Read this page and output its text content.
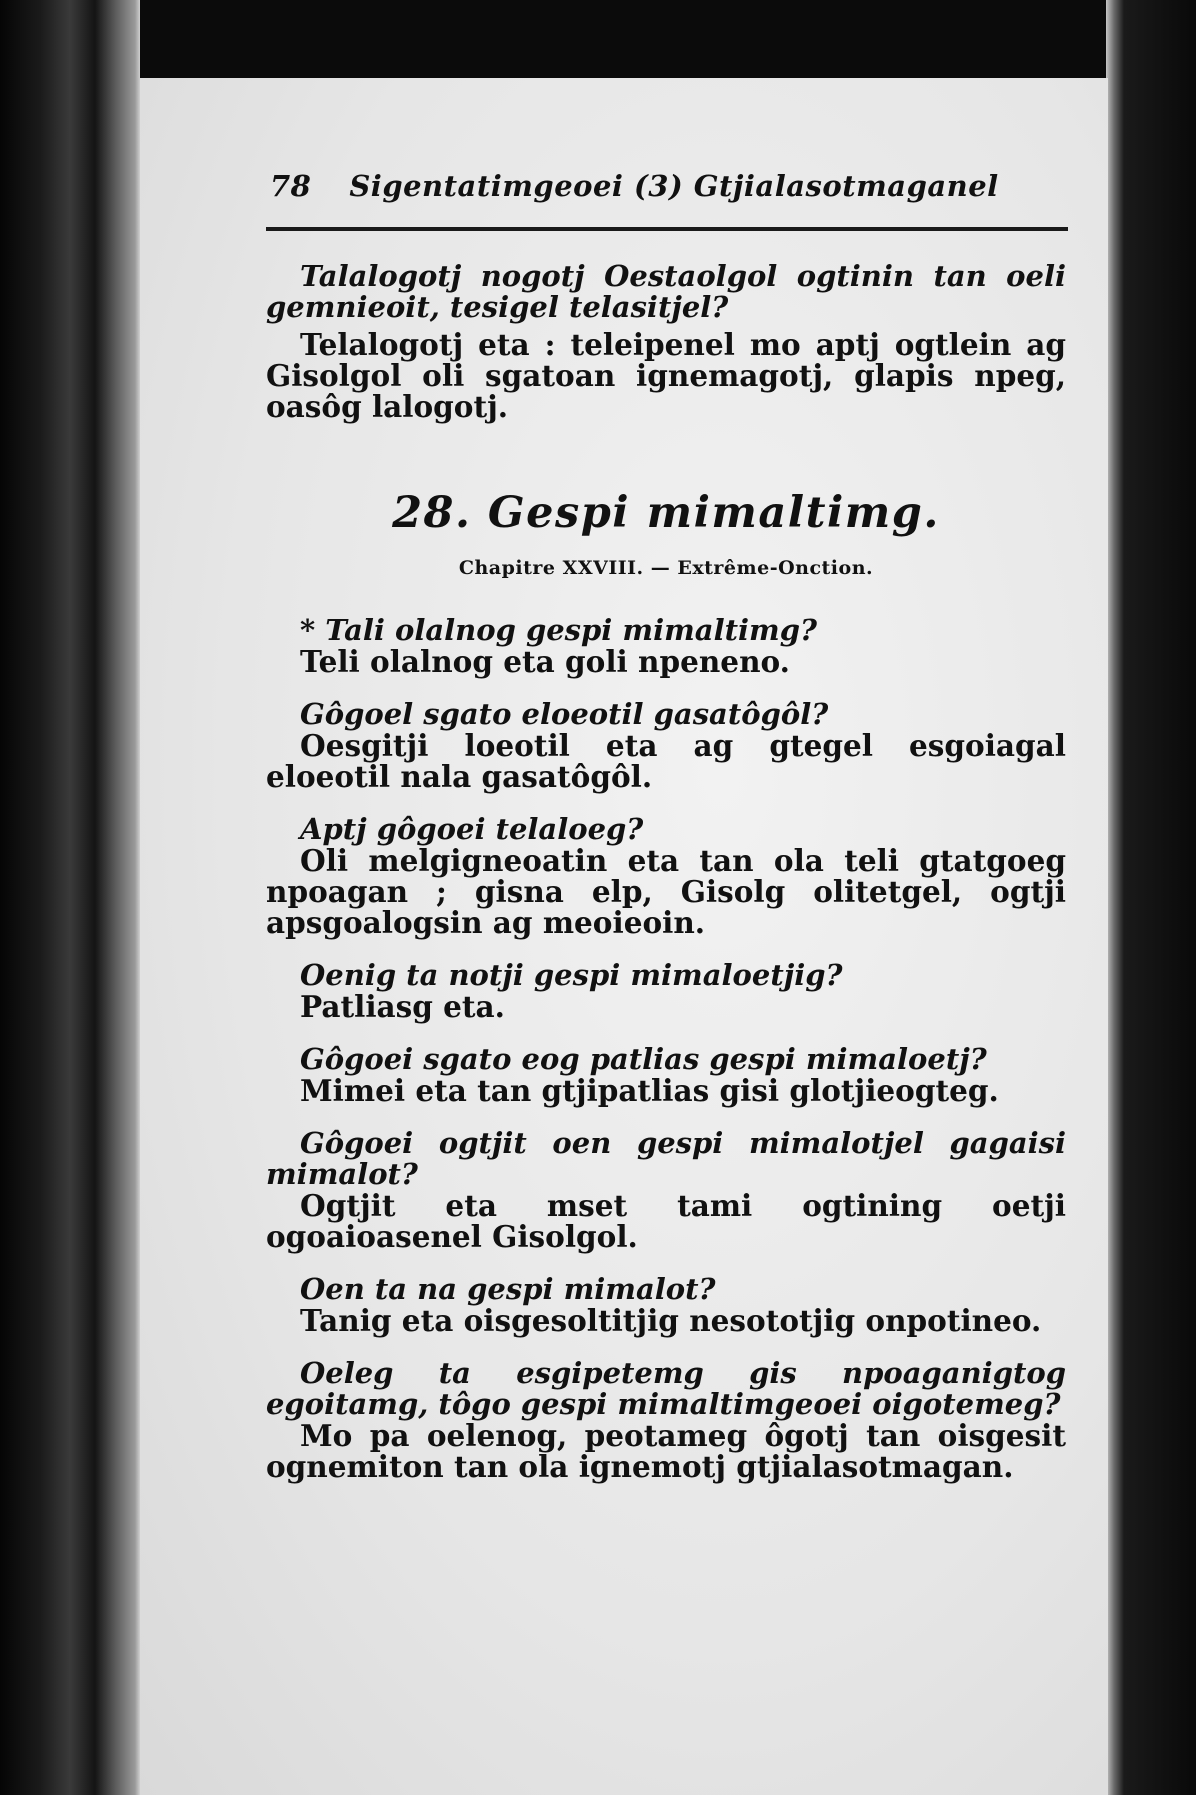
78 Sigentatimgeoei (3) Gtjialasotmaganel

Talalogotj nogotj Oestaolgol ogtinin tan oeli gemnieoit, tesigel telasitjel?

Telalogotj eta : teleipenel mo aptj ogtlein ag Gisolgol oli sgatoan ignemagotj, glapis npeg, oasôg lalogotj.

28. Gespi mimaltimg.

Chapitre XXVIII. — Extrême-Onction.

* Tali olalnog gespi mimaltimg?

Teli olalnog eta goli npeneno.

Gôgoel sgato eloeotil gasatôgôl?

Oesgitji loeotil eta ag gtegel esgoiagal eloeotil nala gasatôgôl.

Aptj gôgoei telaloeg?

Oli melgigneoatin eta tan ola teli gtatgoeg npoagan ; gisna elp, Gisolg olitetgel, ogtji apsgoalogsin ag meoieoin.

Oenig ta notji gespi mimaloetjig?

Patliasg eta.

Gôgoei sgato eog patlias gespi mimaloetj?

Mimei eta tan gtjipatlias gisi glotjieogteg.

Gôgoei ogtjit oen gespi mimalotjel gagaisi mimalot?

Ogtjit eta mset tami ogtining oetji ogoaioasenel Gisolgol.

Oen ta na gespi mimalot?

Tanig eta oisgesoltitjig nesototjig onpotineo.

Oeleg ta esgipetemg gis npoaganigtog egoitamg, tôgo gespi mimaltimgeoei oigotemeg?

Mo pa oelenog, peotameg ôgotj tan oisgesit ognemiton tan ola ignemotj gtjialasotmagan.
